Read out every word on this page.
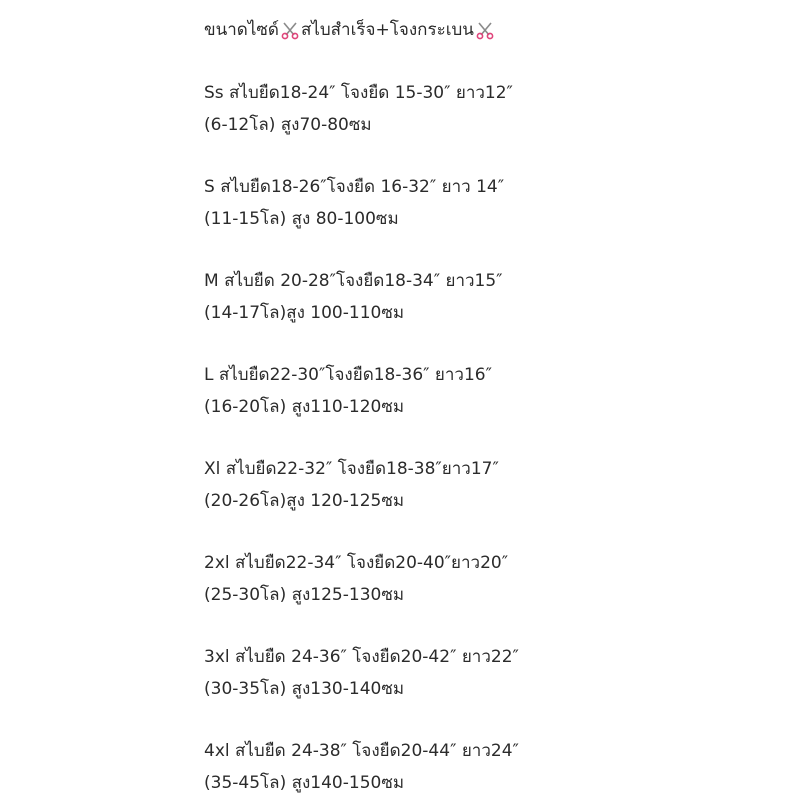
ขนาดไซด์ สไบสำเร็จ+โจงกระเบน
Ss สไบยืด18-24″ โจงยืด 15-30″ ยาว12″
(6-12โล) สูง70-80ซม
S สไบยืด18-26″โจงยืด 16-32″ ยาว 14″
(11-15โล) สูง 80-100ซม
M สไบยืด 20-28″โจงยืด18-34″ ยาว15″
(14-17โล)สูง 100-110ซม
L สไบยืด22-30″โจงยืด18-36″ ยาว16″
(16-20โล) สูง110-120ซม
Xl สไบยืด22-32″ โจงยืด18-38″ยาว17″
(20-26โล)สูง 120-125ซม
2xl สไบยืด22-34″ โจงยืด20-40″ยาว20″
(25-30โล) สูง125-130ซม
3xl สไบยืด 24-36″ โจงยืด20-42″ ยาว22″
(30-35โล) สูง130-140ซม
4xl สไบยืด 24-38″ โจงยืด20-44″ ยาว24″
(35-45โล) สูง140-150ซม
